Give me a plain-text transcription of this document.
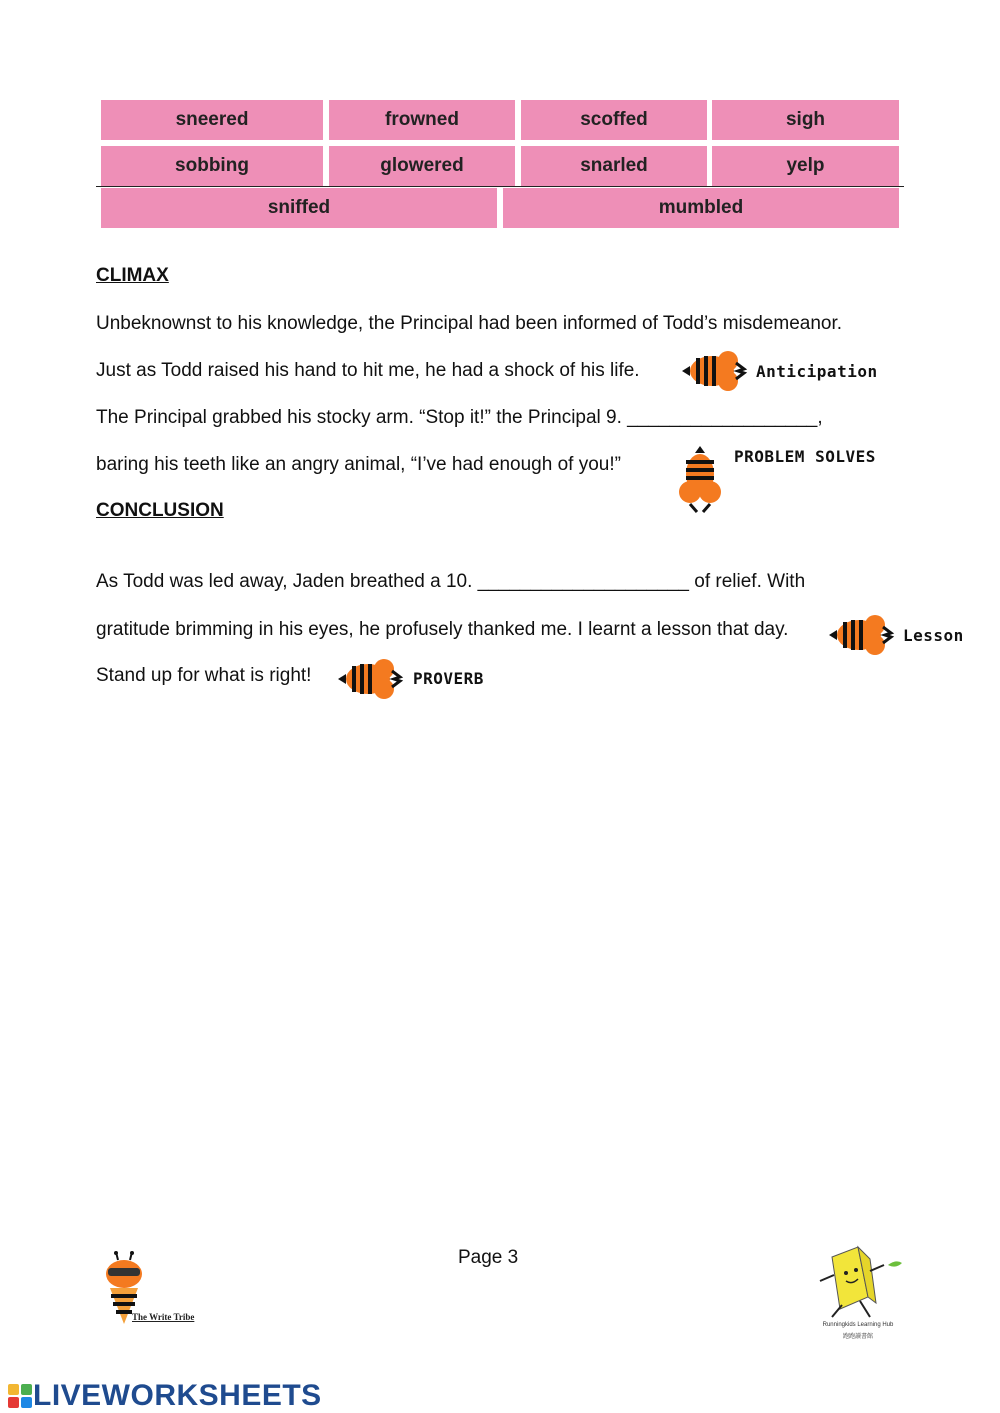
sneered	frowned	scoffed	sigh
sobbing	glowered	snarled	yelp
sniffed	mumbled
CLIMAX
Unbeknownst to his knowledge, the Principal had been informed of Todd’s misdemeanor.
Just as Todd raised his hand to hit me, he had a shock of his life.	Anticipation
The Principal grabbed his stocky arm. “Stop it!” the Principal 9. __________________,
baring his teeth like an angry animal, “I’ve had enough of you!”	PROBLEM SOLVES
CONCLUSION
As Todd was led away, Jaden breathed a 10. ____________________ of relief. With
gratitude brimming in his eyes, he profusely thanked me. I learnt a lesson that day.	Lesson
Stand up for what is right!	PROVERB
Page 3
The Write Tribe
Runningkids Learning Hub
跑跑讀書館
LIVEWORKSHEETS
